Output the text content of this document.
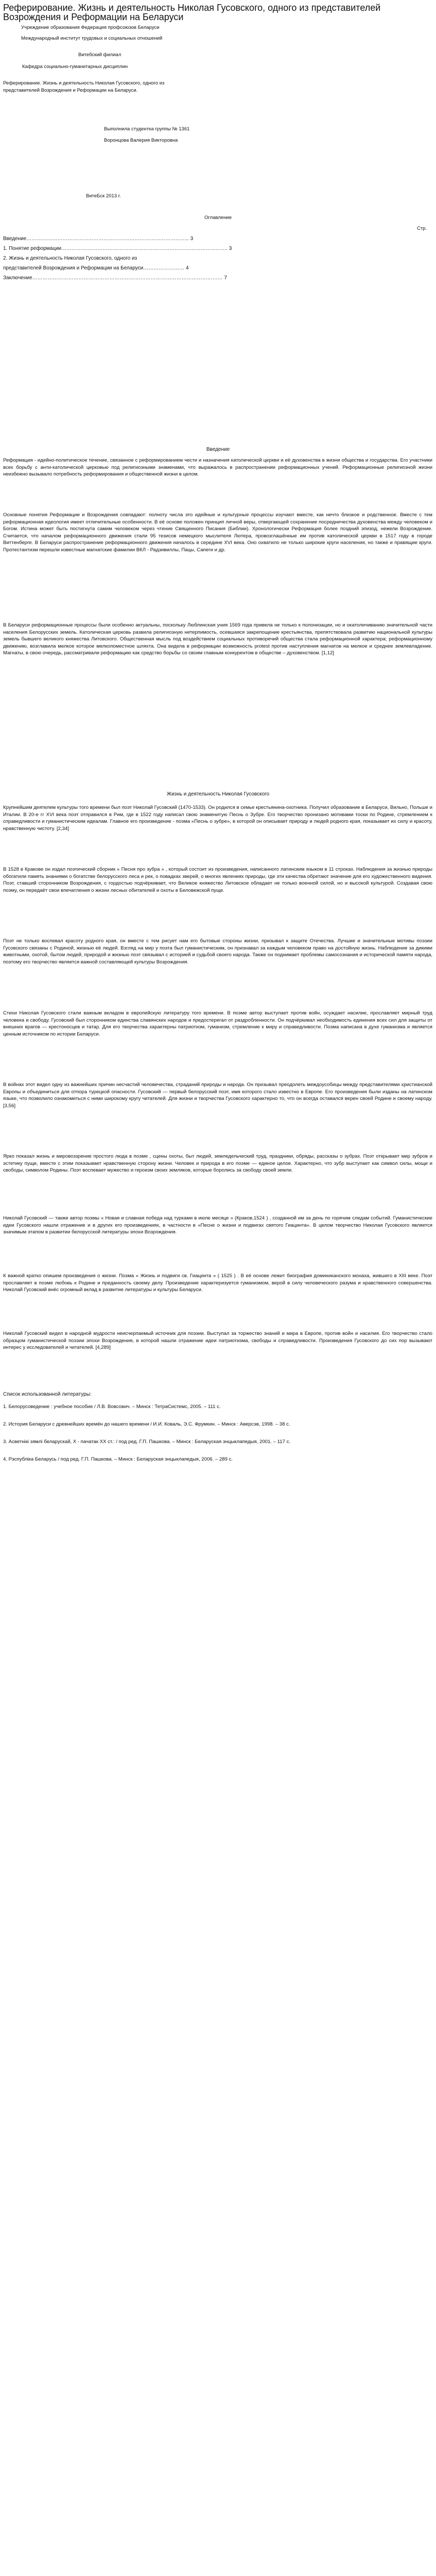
Реферирование. Жизнь и деятельность Николая Гусовского, одного из представителей Возрождения и Реформации на Беларуси
Учреждение образования Федерация профсоюзов Беларуси
Международный институт трудовых и социальных отношений
Витебский филиал
Кафедра социально-гуманитарных дисциплин
Реферирование. Жизнь и деятельность Николая Гусовского, одного из представителей Возрождения и Реформации на Беларуси.
Выполнила студентка группы № 1361
Воронцова Валерия Викторовна
ВитеБск 2013 г.
Оглавление
Стр.
Введение………………………………………………………………………………….. 3
1. Понятие реформации……………………………………………………………………………………. 3
2. Жизнь и деятельность Николая Гусовского, одного из
представителей Возрождения и Реформации на Беларуси…………………… 4
Заключение………………………………………………………………………………………………… 7
Введение
Реформация - идейно-политическое течение, связанное с реформированием чести и назначения католической церкви и её духовенства в жизни общества и государства. Его участники всех борьбу с анти-католической церковью под религиозными знаменами, что выражалось в распространении реформационных учений. Реформационные религиозной жизни неизбежно вызывало потребность реформирования и общественной жизни в целом.
Основные понятия Реформации и Возрождения совпадают: полноту числа это идейные и культурные процессы изучают вместе, как нечто близкое и родственное. Вместе с тем реформационная идеология имеет отличительные особенности. В её основе положен принцип личной веры, отвергающей сохранение посредничества духовенства между человеком и Богом. Истина может быть постигнута самим человеком через чтение Священного Писания (Библии). Хронологически Реформация более поздний эпизод, нежели Возрождение. Считается, что началом реформационного движения стали 95 тезисов немецкого мыслителя Лютера, провозглашённые им против католической церкви в 1517 году в городе Виттенберге. В Беларуси распространение реформационного движения началось в середине XVI века. Оно охватило не только широкие круги населения, но также и правящие круги. Протестантизм перешли известные магнатские фамилии ВКЛ - Радзивиллы, Пацы, Сапеги и др.
В Беларуси реформационные процессы были особенно актуальны, поскольку Люблинская уния 1569 года привела не только к полонизации, но и окатоличиванию значительной части населения Белорусских земель. Католическая церковь развила религиозную нетерпимость, осевшаяся закрепощение крестьянства, препятствовала развитию национальной культуры земель бывшего великого княжества Литовского. Общественная мысль под воздействием социальных противоречий общества стала реформационной характера; реформационному движению, возглавила мелкое которое мелкопоместное шляхта. Она видела в реформации возможность protest против наступления магнатов на мелкое и среднее землевладение. Магнаты, в свою очередь, рассматривали реформацию как средство борьбы со своим главным конкурентом в обществе – духовенством. [1,12]
Жизнь и деятельность Николая Гусовского
Крупнейшим деятелем культуры того времени был поэт Николай Гусовский (1470-1533). Он родился в семье крестьянина-охотника. Получил образование в Беларуси, Вильно, Польше и Италии. В 20-е гг XVI века поэт отправился в Рим, где в 1522 году написал свою знаменитую Песнь о Зубре. Его творчество пронизано мотивами тоски по Родине, стремлением к справедливости и гуманистическим идеалам. Главное его произведение - поэма «Песнь о зубре», в которой он описывает природу и людей родного края, показывает их силу и красоту, нравственную чистоту. [2,34]
В 1528 в Кракове он издал поэтический сборник « Песня про зубра » , который состоит из произведения, написанного латинским языком в 11 строках. Наблюдения за жизнью природы обогатили память знаниями о богатстве белорусского леса и рек, о повадках зверей, о многих явлениях природы, где эти качества обретают значение для его художественного видения. Поэт, ставший сторонником Возрождения, с гордостью подчёркивает, что Великое княжество Литовское обладает не только военной силой, но и высокой культурой. Создавая свою поэму, он передаёт свои впечатления о жизни лесных обитателей и охоты в Беловежской пуще.
Поэт не только воспевал красоту родного края, он вместе с тем рисует нам его бытовые стороны жизни, призывал к защите Отечества. Лучшие и значительные мотивы поэзии Гусовского связаны с Родиной, жизнью её людей. Взгляд на мир у поэта был гуманистическим, он признавал за каждым человеком право на достойную жизнь. Наблюдение за дикими животными, охотой, бытом людей, природой и жизнью поэт связывал с историей и судьбой своего народа. Также он поднимает проблемы самосознания и исторической памяти народа, поэтому его творчество является важной составляющей культуры Возрождения.
Стихи Николая Гусовского стали важным вкладом в европейскую литературу того времени. В поэме автор выступает против войн, осуждает насилие, прославляет мирный труд человека и свободу. Гусовский был сторонником единства славянских народов и предостерегал от раздробленности. Он подчёркивал необходимость единения всех сил для защиты от внешних врагов — крестоносцев и татар. Для его творчества характерны патриотизм, гуманизм, стремление к миру и справедливости. Поэма написана в духе гуманизма и является ценным источником по истории Беларуси.
В войнах этот видел одну из важнейших причин несчастий человечества, страданий природы и народа. Он призывал преодолеть междоусобицы между представителями христианской Европы и объединиться для отпора турецкой опасности. Гусовский — первый белорусский поэт, имя которого стало известно в Европе. Его произведения были изданы на латинском языке, что позволило ознакомиться с ними широкому кругу читателей. Для жизни и творчества Гусовского характерно то, что он всегда оставался верен своей Родине и своему народу. [3,56]
Ярко показал жизнь и мировоззрение простого люда в поэме , сцены охоты, быт людей, земледельческий труд, праздники, обряды, рассказы о зубрах. Поэт открывает мир зубров и эстетику пущи, вместе с этим показывает нравственную сторону жизни. Человек и природа в его поэме — единое целое. Характерно, что зубр выступает как символ силы, мощи и свободы, символом Родины. Поэт воспевает мужество и героизм своих земляков, которые боролись за свободу своей земли.
Николай Гусовский — также автор поэмы « Новая и славная победа над турками в июле месяце » (Краков,1524 ) , созданной им за день по горячим следам событий. Гуманистические идеи Гусовского нашли отражение и в других его произведениях, в частности в «Песне о жизни и подвигах святого Гиацинта». В целом творчество Николая Гусовского является значимым этапом в развитии белорусской литературы эпохи Возрождения.
К важной кратко опишем произведения о жизни. Поэма « Жизнь и подвиги св. Гиацинта » ( 1525 ) . В её основе лежит биография доминиканского монаха, жившего в XIII веке. Поэт прославляет в поэме любовь к Родине и преданность своему делу. Произведение характеризуется гуманизмом, верой в силу человеческого разума и нравственного совершенства. Николай Гусовский внёс огромный вклад в развитие литературы и культуры Беларуси.
Николай Гусовский видел в народной мудрости неисчерпаемый источник для поэзии. Выступал за торжество знаний и мира в Европе, против войн и насилия. Его творчество стало образцом гуманистической поэзии эпохи Возрождения, в которой нашли отражение идеи патриотизма, свободы и справедливости. Произведения Гусовского до сих пор вызывают интерес у исследователей и читателей. [4,289]
Список использованной литературы:
1. Белорусоведение : учебное пособие / Л.В. Вовсович. – Минск : ТетраСистемс, 2005. – 111 с.
2. История Беларуси с древнейших времён до нашего времени / И.И. Коваль, Э.С. Фрумкин. – Минск : Аверсэв, 1998. – 38 с.
3. Асветнікі зямлі беларускай, X - пачатак XX ст.: / под ред. Г.П. Пашкова. – Минск : Беларуская энцыклапедыя, 2001. – 117 с.
4. Рэспубліка Беларусь / под ред. Г.П. Пашкова. – Минск : Беларуская энцыклапедыя, 2006. – 289 с.
